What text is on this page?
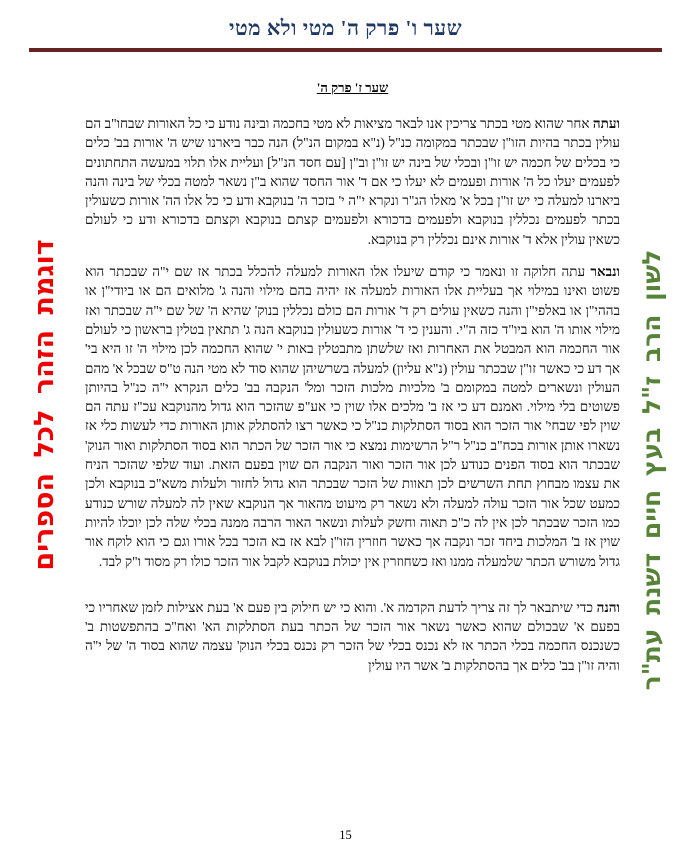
שער ו' פרק ה' מטי ולא מטי
דוגמת הזהר לכל הספרים	לשון הרב ז"ל בעץ חיים דשנת עת"ר
שער ז' פרק ה'

ועתה אחר שהוא מטי בכתר צריכין אנו לבאר מציאות לא מטי בחכמה ובינה נודע כי כל האורות שבחו"ב הם עולין בכתר בהיות הזו"ן שבכתר במקומה כנ"ל (נ"א במקום הנ"ל) הנה כבר ביארנו שיש ה' אורות בב' כלים כי בכלים של חכמה יש זו"ן ובכלי של בינה יש זו"ן וב"ן [עם חסד הנ"ל] ועליית אלו תלוי במעשה התחתונים לפעמים יעלו כל ה' אורות ופעמים לא יעלו כי אם ד' אור החסד שהוא ב"ן נשאר למטה בכלי של בינה והנה ביארנו למעלה כי יש זו"ן בכל א' מאלו הג"ר ונקרא י"ה י' בזכר ה' בנוקבא ודע כי כל אלו הה' אורות כשעולין בכתר לפעמים נכללין בנוקבא ולפעמים בדכורא ולפעמים קצתם בנוקבא וקצתם בדכורא ודע כי לעולם כשאין עולין אלא ד' אורות אינם נכללין רק בנוקבא.

ונבאר עתה חלוקה זו ונאמר כי קודם שיעלו אלו האורות למעלה להכלל בכתר אז שם י"ה שבכתר הוא פשוט ואינו במילוי אך בעליית אלו האורות למעלה אז יהיה בהם מילוי והנה ג' מלואים הם או ביודי"ן או בההי"ן או באלפי"ן והנה כשאין עולים רק ד' אורות הם כולם נכללין בנוק' שהיא ה' של שם י"ה שבכתר ואז מילוי אותו ה' הוא ביו"ד כזה ה"י. והענין כי ד' אורות כשעולין בנוקבא הנה ג' תתאין בטלין בראשון כי לעולם אור החכמה הוא המבטל את האחרות ואז שלשתן מתבטלין באות י' שהוא החכמה לכן מילוי ה' זו היא בי' אך דע כי כאשר זו"ן שבכתר עולין (נ"א עליון) למעלה בשרשיהן שהוא סוד לא מטי הנה ט"ס שבכל א' מהם העולין ונשארים למטה במקומם ב' מלכיות מלכות הזכר ומל' הנקבה בב' כלים הנקרא י"ה כנ"ל בהיותן פשוטים בלי מילוי. ואמנם דע כי אז ב' מלכים אלו שוין כי אע"פ שהזכר הוא גדול מהנוקבא עכ"ז עתה הם שוין לפי שבחי' אור הזכר הוא בסוד הסתלקות כנ"ל כי כאשר רצו להסתלק אותן האורות כדי לעשות כלי אז נשארו אותן אורות בכח"ב כנ"ל ר"ל הרשימות נמצא כי אור הזכר של הכתר הוא בסוד הסתלקות ואור הנוק' שבכתר הוא בסוד הפנים כנודע לכן אור הזכר ואור הנקבה הם שוין בפעם הזאת. ועוד שלפי שהזכר הניח את עצמו מבחוץ תחת השרשים לכן תאוות של הזכר שבכתר הוא גדול לחזור ולעלות משא"כ בנוקבא ולכן כמעט שכל אור הזכר עולה למעלה ולא נשאר רק מיעוט מהאור אך הנוקבא שאין לה למעלה שורש כנודע כמו הזכר שבכתר לכן אין לה כ"כ תאוה וחשק לעלות ונשאר האור הרבה ממנה בכלי שלה לכן יוכלו להיות שוין אז ב' המלכות ביחד זכר ונקבה אך כאשר חוזרין הזו"ן לבא אז בא הזכר בכל אורו וגם כי הוא לוקח אור גדול משורש הכתר שלמעלה ממנו ואז כשחוזרין אין יכולת בנוקבא לקבל אור הזכר כולו רק מסוד ו"ק לבד.

והנה כדי שיתבאר לך זה צריך לדעת הקדמה א'. והוא כי יש חילוק בין פעם א' בעת אצילות לזמן שאחריו כי בפעם א' שבכולם שהוא כאשר נשאר אור הזכר של הכתר בעת הסתלקות הא' ואח"כ בהתפשטות ב' כשנכנס החכמה בכלי הכתר אז לא נכנס בכלי של הזכר רק נכנס בכלי הנוק' עצמה שהוא בסוד ה' של י"ה והיה זו"ן בב' כלים אך בהסתלקות ב' אשר היו עולין

15
